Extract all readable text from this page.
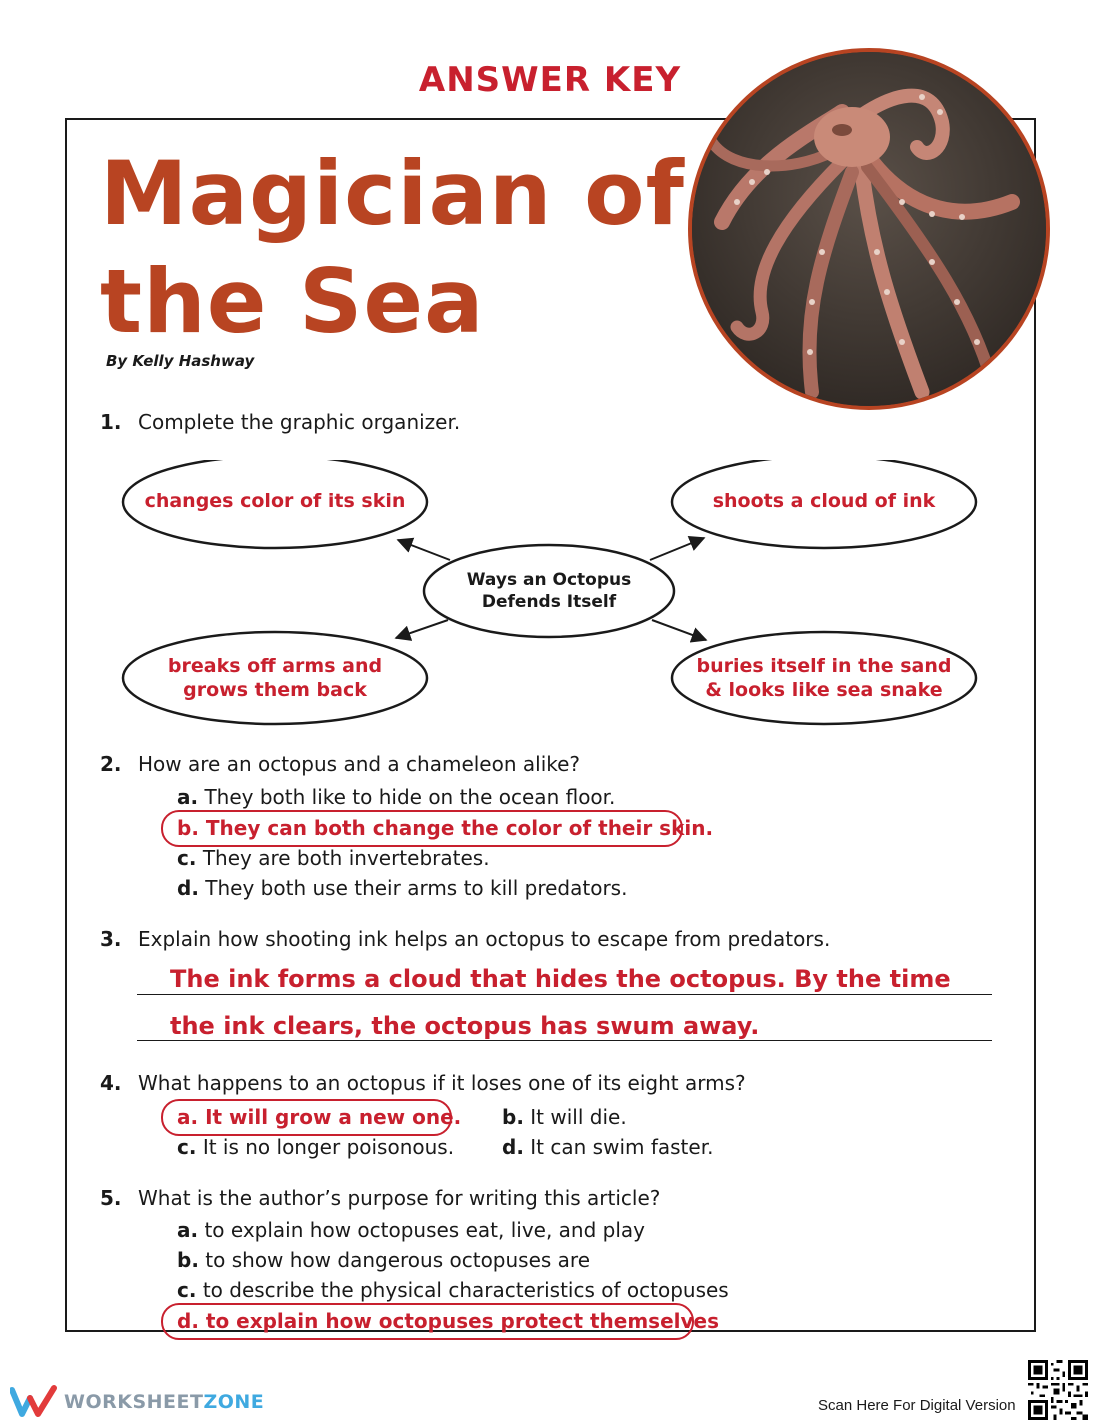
ANSWER KEY
Magician of
the Sea
By Kelly Hashway
1. Complete the graphic organizer.
changes color of its skin	shoots a cloud of ink
breaks off arms and
grows them back
buries itself in the sand
& looks like sea snake
Ways an Octopus
Defends Itself
2. How are an octopus and a chameleon alike?
a. They both like to hide on the ocean floor.
b. They can both change the color of their skin.
c. They are both invertebrates.
d. They both use their arms to kill predators.
3. Explain how shooting ink helps an octopus to escape from predators.
The ink forms a cloud that hides the octopus. By the time
the ink clears, the octopus has swum away.
4. What happens to an octopus if it loses one of its eight arms?
a. It will grow a new one. b. It will die.
c. It is no longer poisonous. d. It can swim faster.
5. What is the author’s purpose for writing this article?
a. to explain how octopuses eat, live, and play
b. to show how dangerous octopuses are
c. to describe the physical characteristics of octopuses
d. to explain how octopuses protect themselves
WORKSHEETZONE	Scan Here For Digital Version
